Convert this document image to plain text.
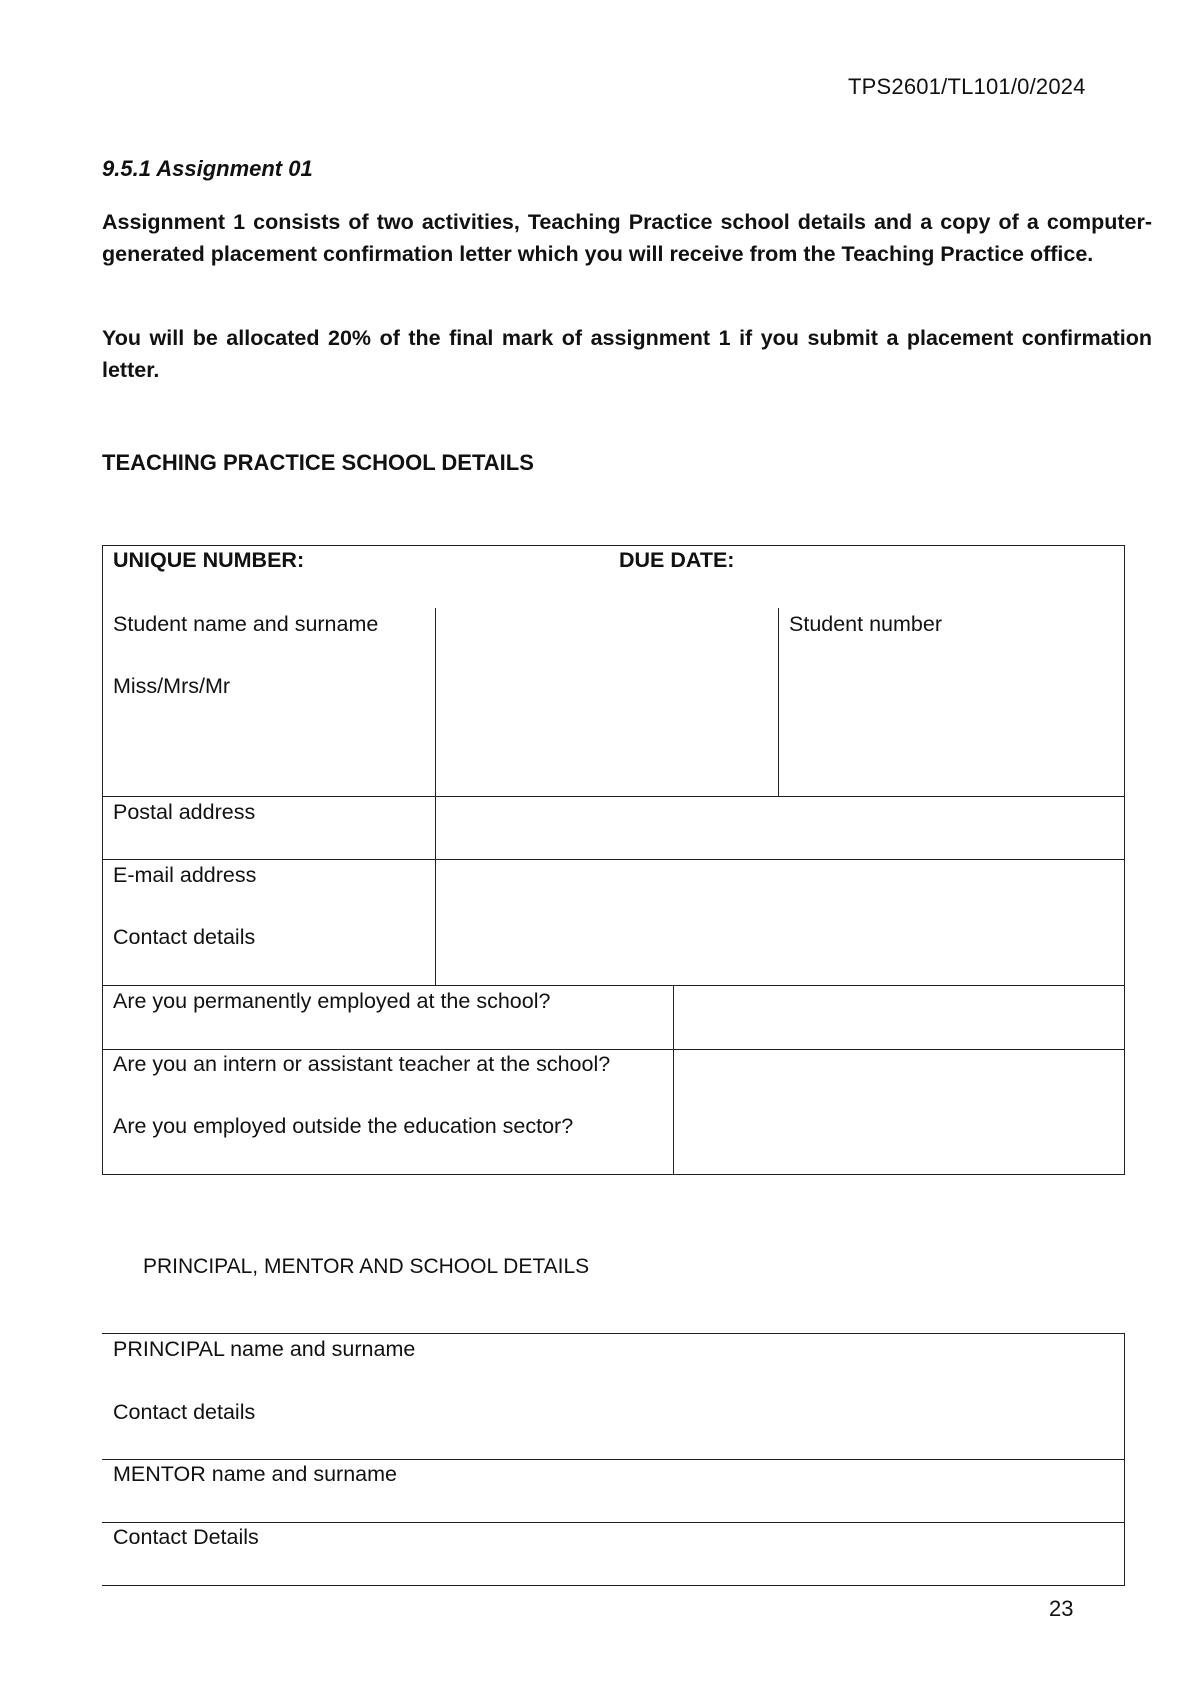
TPS2601/TL101/0/2024
9.5.1 Assignment 01
Assignment 1 consists of two activities, Teaching Practice school details and a copy of a computer-generated placement confirmation letter which you will receive from the Teaching Practice office.
You will be allocated 20% of the final mark of assignment 1 if you submit a placement confirmation letter.
TEACHING PRACTICE SCHOOL DETAILS
UNIQUE NUMBER:	DUE DATE:
Student name and surname
Miss/Mrs/Mr
Student number
Postal address
E-mail address
Contact details
Are you permanently employed at the school?
Are you an intern or assistant teacher at the school?
Are you employed outside the education sector?
PRINCIPAL, MENTOR AND SCHOOL DETAILS
PRINCIPAL name and surname
Contact details
MENTOR name and surname
Contact Details
23
